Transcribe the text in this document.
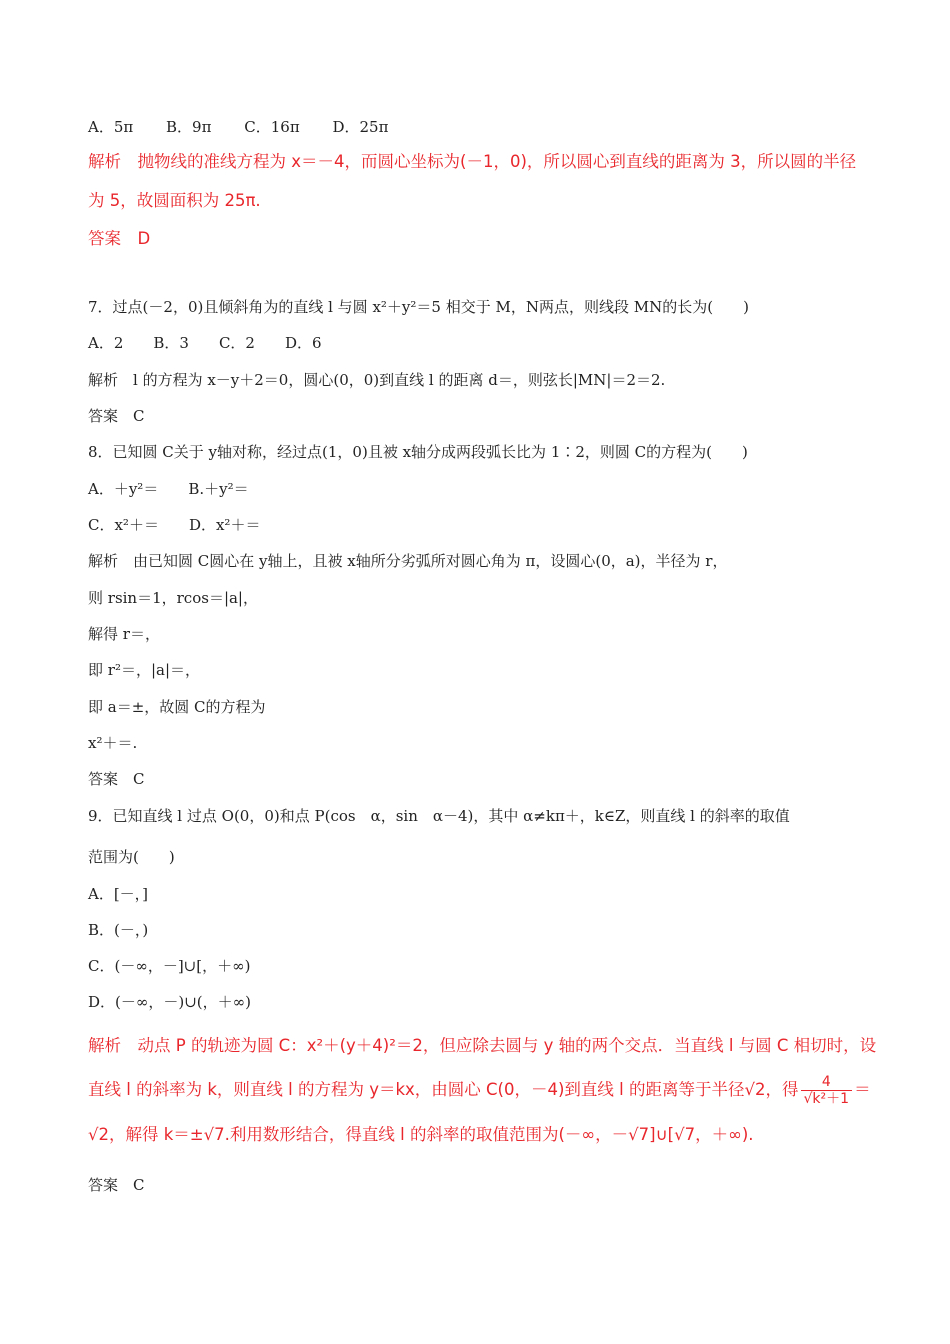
A．5π B．9π C．16π D．25π
解析　抛物线的准线方程为 x＝－4，而圆心坐标为(－1，0)，所以圆心到直线的距离为 3，所以圆的半径
为 5，故圆面积为 25π.
答案　D
7．过点(－2，0)且倾斜角为的直线 l 与圆 x²＋y²＝5 相交于 M，N两点，则线段 MN的长为(　　)
A．2　　B．3　　C．2　　D．6
解析　l 的方程为 x－y＋2＝0，圆心(0，0)到直线 l 的距离 d＝，则弦长|MN|＝2＝2.
答案　C
8．已知圆 C关于 y轴对称，经过点(1，0)且被 x轴分成两段弧长比为 1∶2，则圆 C的方程为(　　)
A．＋y²＝　　B.＋y²＝
C．x²＋＝　　D．x²＋＝
解析　由已知圆 C圆心在 y轴上，且被 x轴所分劣弧所对圆心角为 π，设圆心(0，a)，半径为 r，
则 rsin＝1，rcos＝|a|，
解得 r＝，
即 r²＝，|a|＝，
即 a＝±，故圆 C的方程为
x²＋＝.
答案　C
9．已知直线 l 过点 O(0，0)和点 P(cos　α，sin　α－4)，其中 α≠kπ＋，k∈Z，则直线 l 的斜率的取值
范围为(　　)
A．[－，]
B．(－，)
C．(－∞，－]∪[，＋∞)
D．(－∞，－)∪(，＋∞)
解析　动点 P 的轨迹为圆 C：x²＋(y＋4)²＝2，但应除去圆与 y 轴的两个交点．当直线 l 与圆 C 相切时，设
直线 l 的斜率为 k，则直线 l 的方程为 y＝kx，由圆心 C(0，－4)到直线 l 的距离等于半径√2，得 $\frac{4}{\text{√k²＋1}}$ ＝
√2，解得 k＝±√7.利用数形结合，得直线 l 的斜率的取值范围为(－∞，－√7]∪[√7，＋∞).
答案　C
